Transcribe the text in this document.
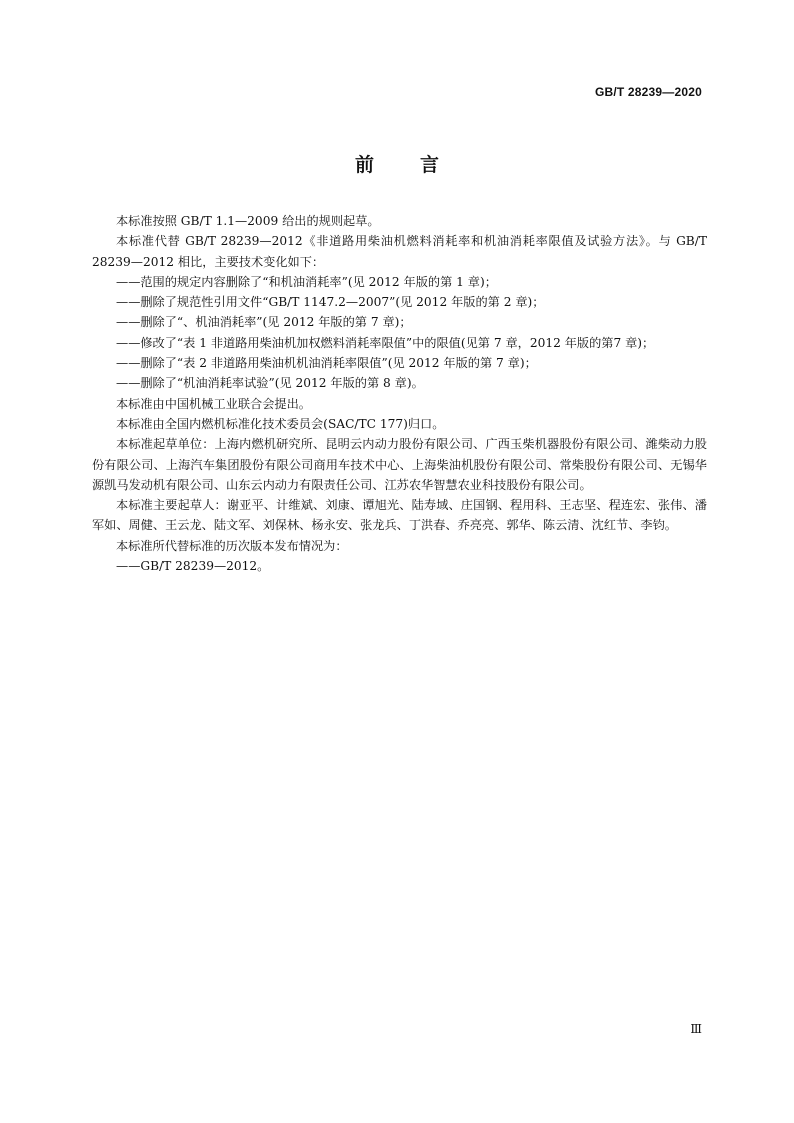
GB/T 28239—2020
前 言

本标准按照 GB/T 1.1—2009 给出的规则起草。

本标准代替 GB/T 28239—2012《非道路用柴油机燃料消耗率和机油消耗率限值及试验方法》。与 GB/T 28239—2012 相比，主要技术变化如下：

——范围的规定内容删除了“和机油消耗率”(见 2012 年版的第 1 章)；

——删除了规范性引用文件“GB/T 1147.2—2007”(见 2012 年版的第 2 章)；

——删除了“、机油消耗率”(见 2012 年版的第 7 章)；

——修改了“表 1 非道路用柴油机加权燃料消耗率限值”中的限值(见第 7 章，2012 年版的第7 章)；

——删除了“表 2 非道路用柴油机机油消耗率限值”(见 2012 年版的第 7 章)；

——删除了“机油消耗率试验”(见 2012 年版的第 8 章)。

本标准由中国机械工业联合会提出。

本标准由全国内燃机标准化技术委员会(SAC/TC 177)归口。

本标准起草单位：上海内燃机研究所、昆明云内动力股份有限公司、广西玉柴机器股份有限公司、潍柴动力股份有限公司、上海汽车集团股份有限公司商用车技术中心、上海柴油机股份有限公司、常柴股份有限公司、无锡华源凯马发动机有限公司、山东云内动力有限责任公司、江苏农华智慧农业科技股份有限公司。

本标准主要起草人：谢亚平、计维斌、刘康、谭旭光、陆寿域、庄国钢、程用科、王志坚、程连宏、张伟、潘军如、周健、王云龙、陆文军、刘保林、杨永安、张龙兵、丁洪春、乔亮亮、郭华、陈云清、沈红节、李钧。

本标准所代替标准的历次版本发布情况为：

——GB/T 28239—2012。

Ⅲ
